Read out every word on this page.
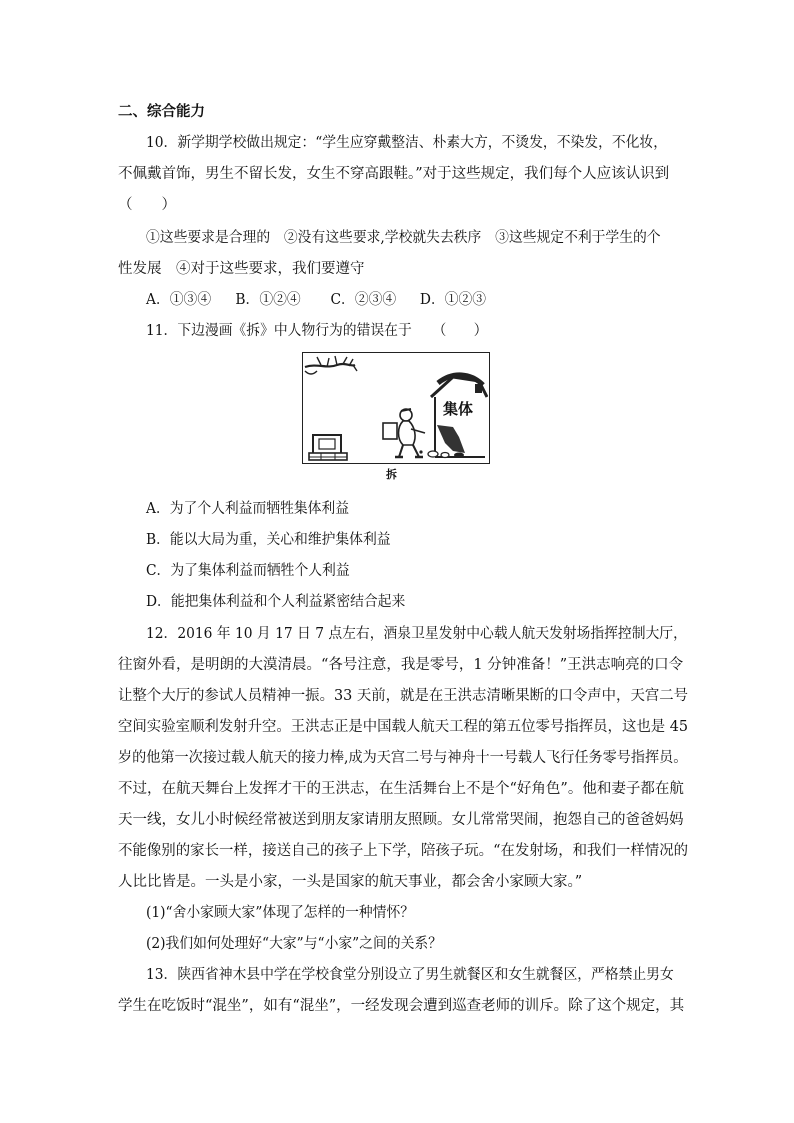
二、综合能力
10．新学期学校做出规定：“学生应穿戴整洁、朴素大方，不烫发，不染发，不化妆，
不佩戴首饰，男生不留长发，女生不穿高跟鞋。”对于这些规定，我们每个人应该认识到
（　　）
①这些要求是合理的　②没有这些要求,学校就失去秩序　③这些规定不利于学生的个
性发展　④对于这些要求，我们要遵守
A．①③④ B．①②④ C．②③④ D．①②③
11．下边漫画《拆》中人物行为的错误在于　　（　　）
集体
拆
A．为了个人利益而牺牲集体利益
B．能以大局为重，关心和维护集体利益
C．为了集体利益而牺牲个人利益
D．能把集体利益和个人利益紧密结合起来
12．2016 年 10 月 17 日 7 点左右，酒泉卫星发射中心载人航天发射场指挥控制大厅，
往窗外看，是明朗的大漠清晨。“各号注意，我是零号，1 分钟准备！”王洪志响亮的口令
让整个大厅的参试人员精神一振。33 天前，就是在王洪志清晰果断的口令声中，天宫二号
空间实验室顺利发射升空。王洪志正是中国载人航天工程的第五位零号指挥员，这也是 45
岁的他第一次接过载人航天的接力棒,成为天宫二号与神舟十一号载人飞行任务零号指挥员。
不过，在航天舞台上发挥才干的王洪志，在生活舞台上不是个“好角色”。他和妻子都在航
天一线，女儿小时候经常被送到朋友家请朋友照顾。女儿常常哭闹，抱怨自己的爸爸妈妈
不能像别的家长一样，接送自己的孩子上下学，陪孩子玩。“在发射场，和我们一样情况的
人比比皆是。一头是小家，一头是国家的航天事业，都会舍小家顾大家。”
(1)“舍小家顾大家”体现了怎样的一种情怀？
(2)我们如何处理好“大家”与“小家”之间的关系？
13．陕西省神木县中学在学校食堂分别设立了男生就餐区和女生就餐区，严格禁止男女
学生在吃饭时“混坐”，如有“混坐”，一经发现会遭到巡查老师的训斥。除了这个规定，其
